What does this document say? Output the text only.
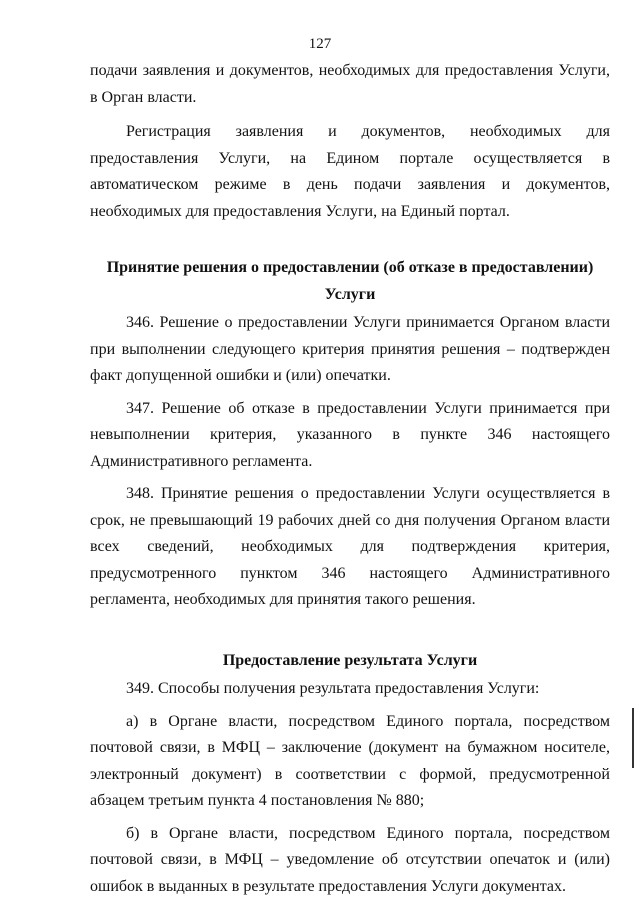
127

подачи заявления и документов, необходимых для предоставления Услуги, в Орган власти.

Регистрация заявления и документов, необходимых для предоставления Услуги, на Едином портале осуществляется в автоматическом режиме в день подачи заявления и документов, необходимых для предоставления Услуги, на Единый портал.

Принятие решения о предоставлении (об отказе в предоставлении) Услуги

346. Решение о предоставлении Услуги принимается Органом власти при выполнении следующего критерия принятия решения – подтвержден факт допущенной ошибки и (или) опечатки.

347. Решение об отказе в предоставлении Услуги принимается при невыполнении критерия, указанного в пункте 346 настоящего Административного регламента.

348. Принятие решения о предоставлении Услуги осуществляется в срок, не превышающий 19 рабочих дней со дня получения Органом власти всех сведений, необходимых для подтверждения критерия, предусмотренного пунктом 346 настоящего Административного регламента, необходимых для принятия такого решения.

Предоставление результата Услуги

349. Способы получения результата предоставления Услуги:

а) в Органе власти, посредством Единого портала, посредством почтовой связи, в МФЦ – заключение (документ на бумажном носителе, электронный документ) в соответствии с формой, предусмотренной абзацем третьим пункта 4 постановления № 880;

б) в Органе власти, посредством Единого портала, посредством почтовой связи, в МФЦ – уведомление об отсутствии опечаток и (или) ошибок в выданных в результате предоставления Услуги документах.
